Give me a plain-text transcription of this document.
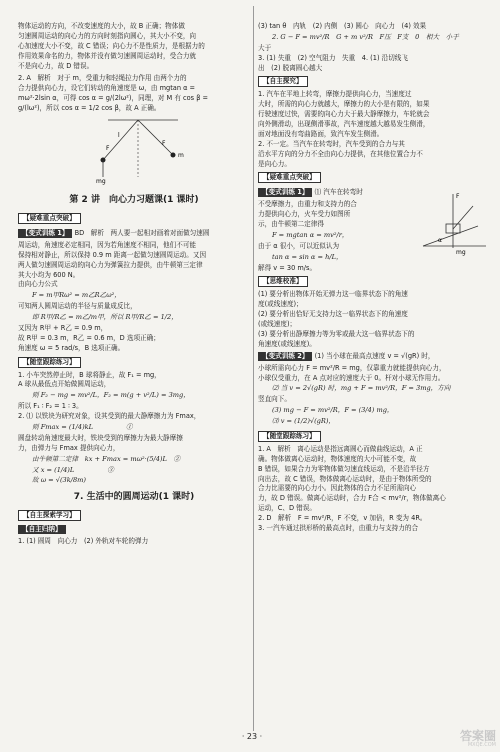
物体运动的方向，不改变速度的大小，故 B 正确；物体做

匀速圆周运动的向心力的方向时刻指向圆心，其大小不变，向

心加速度大小不变，故 C 错误；向心力不是性质力，是根据力的

作用效果命名的力，物体并没有做匀速圆周运动时，受合力就

不是向心力，故 D 错误。

2. A　解析　对于 m，受重力和轻绳拉力作用 由两个力的

合力提供向心力，设它们转动的角速度是 ω，由 mgtan α =

mω²·2lsin α，可得 cos α = g/(2lω²)，同理，对 M 有 cos β =

g/(lω²)，所以 cos α = 1/2 cos β，故 A 正确。

l
F
F
m
mg
第 2 讲　向心力习题课(1 课时)
【疑难重点突破】

【变式训练 1】 BD　解析　两人要一起相对画着对面做匀速圆

周运动，角速度必定相同，因为若角速度不相同，他们不可能

保持相对静止，所以保持 0.9 m 距离一起做匀速圆周运动。又因

两人做匀速圆周运动的向心力为弹簧拉力提供，由牛顿第三定律

其大小均为 600 N。

由向心力公式

F = m甲Rω² = m乙R乙ω²，

可知两人圆周运动的半径与质量成反比，

即 R甲/R乙 = m乙/m甲，所以 R甲/R乙 = 1/2，

又因为 R甲 + R乙 = 0.9 m，

故 R甲 = 0.3 m，R乙 = 0.6 m，D 选项正确；

角速度 ω = 5 rad/s，B 选项正确。

【随堂跟踪练习】

1. 小车突然停止时，B 球将静止，故 F₁ = mg，

A 球从最低点开始做圆周运动，

则 F₂ − mg = mv²/L，F₂ = m(g + v²/L) = 3mg，

所以 F₁ ∶ F₂ = 1 ∶ 3。

2. ⑴ 以铁块为研究对象，设其受到的最大静摩擦力为 Fmax，

则 Fmax = (1/4)kL　　　　　①

圆盘转动角速度最大时，铁块受到的摩擦力为最大静摩擦

力，由弹力与 Fmax 提供向心力，

由牛顿第二定律　kx + Fmax = mω²·(5/4)L　②

又 x = (1/4)L　　　　　③

故 ω = √(3k/8m)

7. 生活中的圆周运动(1 课时)
【自主探索学习】
【自主归纳】

1. (1) 圆周　向心力　(2) 外轨对车轮的弹力

(3) tan θ　内轨　(2) 内侧　(3) 圆心　向心力　(4) 效果

2. G − F = mv²/R　G + m v²/R　F压　F支　0　相大　小于

大于

3. (1) 失重　(2) 空气阻力　失重　4. (1) 沿切线飞

出　(2) 脱离圆心越大

【自主探究】

1. 汽车在平地上转弯，摩擦力提供向心力，当速度过

大时，所需的向心力就越大，摩擦力的大小是有限的，如果

行驶速度过快，需要的向心力大于最大静摩擦力，车轮就会

向外侧滑动，出现侧滑事故，汽车速度越大越易发生侧滑，

面对地面没有弯曲路面，致汽车发生侧滑。

2. 不一定。当汽车在转弯时，汽车受到的合力与其

沿水平方向的分力不全由向心力提供，在其他位置合力不

是向心力。

【疑难重点突破】

【变式训练 1】 ⑴ 汽车在转弯时

不受摩擦力，由重力和支持力的合

力提供向心力，火车受力如图所

示，由牛顿第二定律得

F
α
mg

F = mgtan α = mv²/r，

由于 α 很小，可以近似认为

tan α = sin α = h/L，

解得 v = 30 m/s。

【思维校准】

(1) 要分析出物体开始无弹力这一临界状态下的角速

度(或线速度)；

(2) 要分析出恰好无支持力这一临界状态下的角速度

(或线速度)；

(3) 要分析出静摩擦力等为零或最大这一临界状态下的

角速度(或线速度)。

【变式训练 2】 (1) 当小球在最高点速度 v = √(gR) 时，

小球所需向心力 F = mv²/R = mg，仅靠重力就能提供向心力，

小球仅受重力，在 A 点对应的速度大于 0。杆对小球无作用力。

⑵ 当 v = 2√(gR) 时，mg + F = mv²/R，F = 3mg，方向

竖直向下。

(3) mg − F = mv²/R，F = (3/4) mg，

⑶ v = (1/2)√(gR)，

【随堂跟踪练习】

1. A　解析　离心运动是指远离圆心而做曲线运动，A 正

确。物体做离心运动时，物体速度的大小可能不变，故

B 错误，如果合力为零物体做匀速直线运动，不是沿半径方

向出去，故 C 错误，物体做离心运动时，是由于物体所受的

合力比需要的向心力小。因此物体的合力不足所需向心

力，故 D 错误。做离心运动时，合力 F合 < mv²/r，物体做离心

运动，C、D 错误。

2. D　解析　F = mv²/R，F 不变，v 加倍，R 变为 4R。

3. 一汽车通过拱形桥的最高点时，由重力与支持力的合

· 23 ·	答案圈
MXQE.COM
